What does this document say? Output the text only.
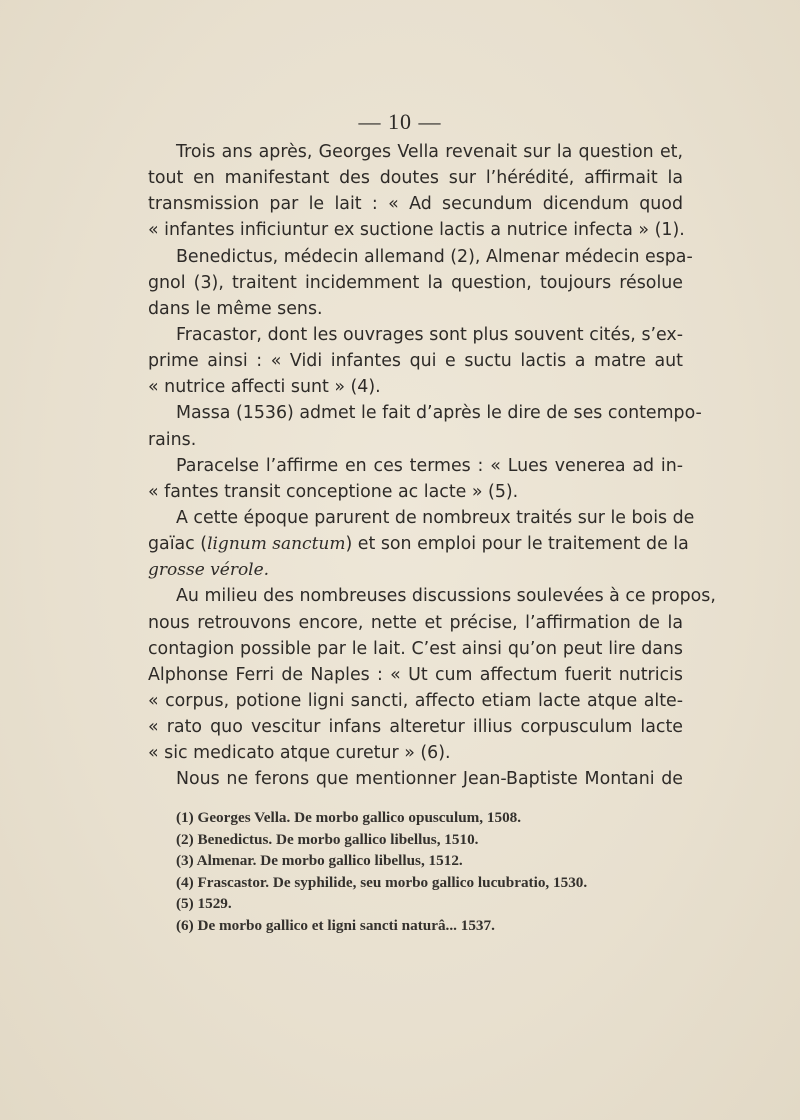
— 10 —
Trois ans après, Georges Vella revenait sur la question et,
tout en manifestant des doutes sur l’hérédité, affirmait la
transmission par le lait : « Ad secundum dicendum quod
« infantes inficiuntur ex suctione lactis a nutrice infecta » (1).
Benedictus, médecin allemand (2), Almenar médecin espa-
gnol (3), traitent incidemment la question, toujours résolue
dans le même sens.
Fracastor, dont les ouvrages sont plus souvent cités, s’ex-
prime ainsi : « Vidi infantes qui e suctu lactis a matre aut
« nutrice affecti sunt » (4).
Massa (1536) admet le fait d’après le dire de ses contempo-
rains.
Paracelse l’affirme en ces termes : « Lues venerea ad in-
« fantes transit conceptione ac lacte » (5).
A cette époque parurent de nombreux traités sur le bois de
gaïac (lignum sanctum) et son emploi pour le traitement de la
grosse vérole.
Au milieu des nombreuses discussions soulevées à ce propos,
nous retrouvons encore, nette et précise, l’affirmation de la
contagion possible par le lait. C’est ainsi qu’on peut lire dans
Alphonse Ferri de Naples : « Ut cum affectum fuerit nutricis
« corpus, potione ligni sancti, affecto etiam lacte atque alte-
« rato quo vescitur infans alteretur illius corpusculum lacte
« sic medicato atque curetur » (6).
Nous ne ferons que mentionner Jean-Baptiste Montani de
(1) Georges Vella. De morbo gallico opusculum, 1508.
(2) Benedictus. De morbo gallico libellus, 1510.
(3) Almenar. De morbo gallico libellus, 1512.
(4) Frascastor. De syphilide, seu morbo gallico lucubratio, 1530.
(5) 1529.
(6) De morbo gallico et ligni sancti naturâ... 1537.
